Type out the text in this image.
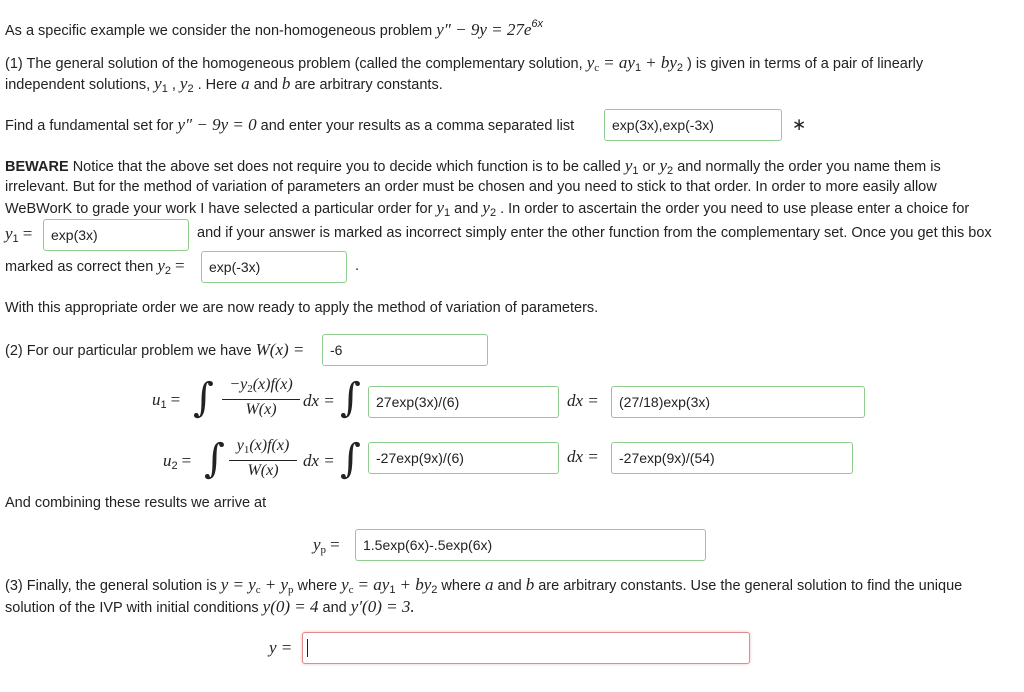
As a specific example we consider the non-homogeneous problem $y'' - 9y = 27e^{6x}$
(1) The general solution of the homogeneous problem (called the complementary solution, $y_c = ay_1 + by_2$ ) is given in terms of a pair of linearly
independent solutions, $y_1$ , $y_2$ . Here a and b are arbitrary constants.
Find a fundamental set for y″ − 9y = 0 and enter your results as a comma separated list	exp(3x),exp(-3x)	∗
BEWARE Notice that the above set does not require you to decide which function is to be called $y_1$ or $y_2$ and normally the order you name them is
irrelevant. But for the method of variation of parameters an order must be chosen and you need to stick to that order. In order to more easily allow
WeBWorK to grade your work I have selected a particular order for $y_1$ and $y_2$ . In order to ascertain the order you need to use please enter a choice for
$y_1$ =	exp(3x)	and if your answer is marked as incorrect simply enter the other function from the complementary set. Once you get this box
marked as correct then $y_2$ =	exp(-3x)	.
With this appropriate order we are now ready to apply the method of variation of parameters.
(2) For our particular problem we have W(x) =	-6
$u_1$ = ∫ $-y_2(x)f(x)$
W(x)	dx = ∫	27exp(3x)/(6)	dx =	(27/18)exp(3x)
$u_2$ = ∫ $y_1(x)f(x)$
W(x)
dx = ∫	-27exp(9x)/(6)	dx =	-27exp(9x)/(54)
And combining these results we arrive at
$y_p$ =	1.5exp(6x)-.5exp(6x)
(3) Finally, the general solution is $y = y_c + y_p$ where $y_c = ay_1 + by_2$ where a and b are arbitrary constants. Use the general solution to find the unique
solution of the IVP with initial conditions y(0) = 4 and y′(0) = 3.
y =
